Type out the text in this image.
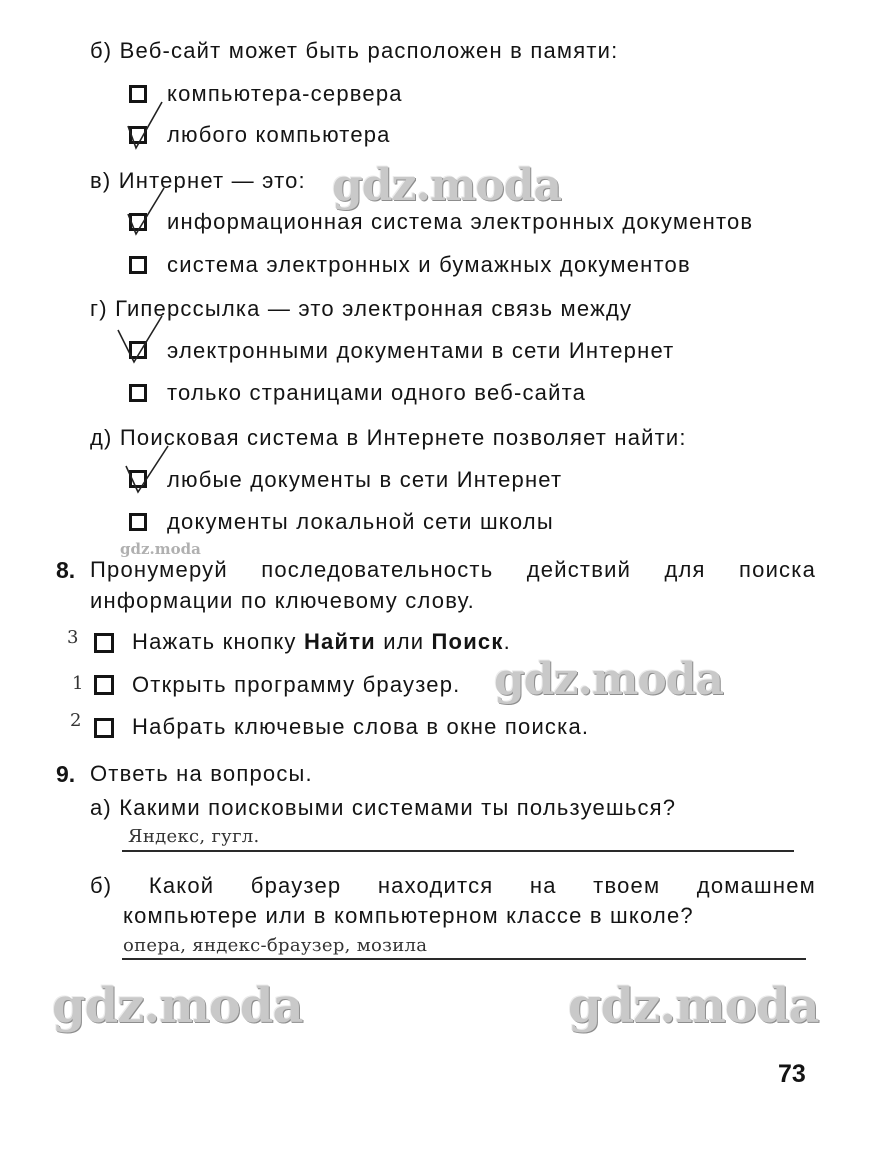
б) Веб-сайт может быть расположен в памяти:
компьютера-сервера
любого компьютера
в) Интернет — это:
информационная система электронных документов
система электронных и бумажных документов
г) Гиперссылка — это электронная связь между
электронными документами в сети Интернет
только страницами одного веб-сайта
д) Поисковая система в Интернете позволяет найти:
любые документы в сети Интернет
документы локальной сети школы
8. Пронумеруй последовательность действий для поиска
информации по ключевому слову.
3 Нажать кнопку Найти или Поиск.
1 Открыть программу браузер.
2 Набрать ключевые слова в окне поиска.
9. Ответь на вопросы.
а) Какими поисковыми системами ты пользуешься?
Яндекс, гугл.
б) Какой браузер находится на твоем домашнем
компьютере или в компьютерном классе в школе?
опера, яндекс-браузер, мозила
gdz.moda
gdz.moda
gdz.moda
gdz.moda	gdz.moda
73
